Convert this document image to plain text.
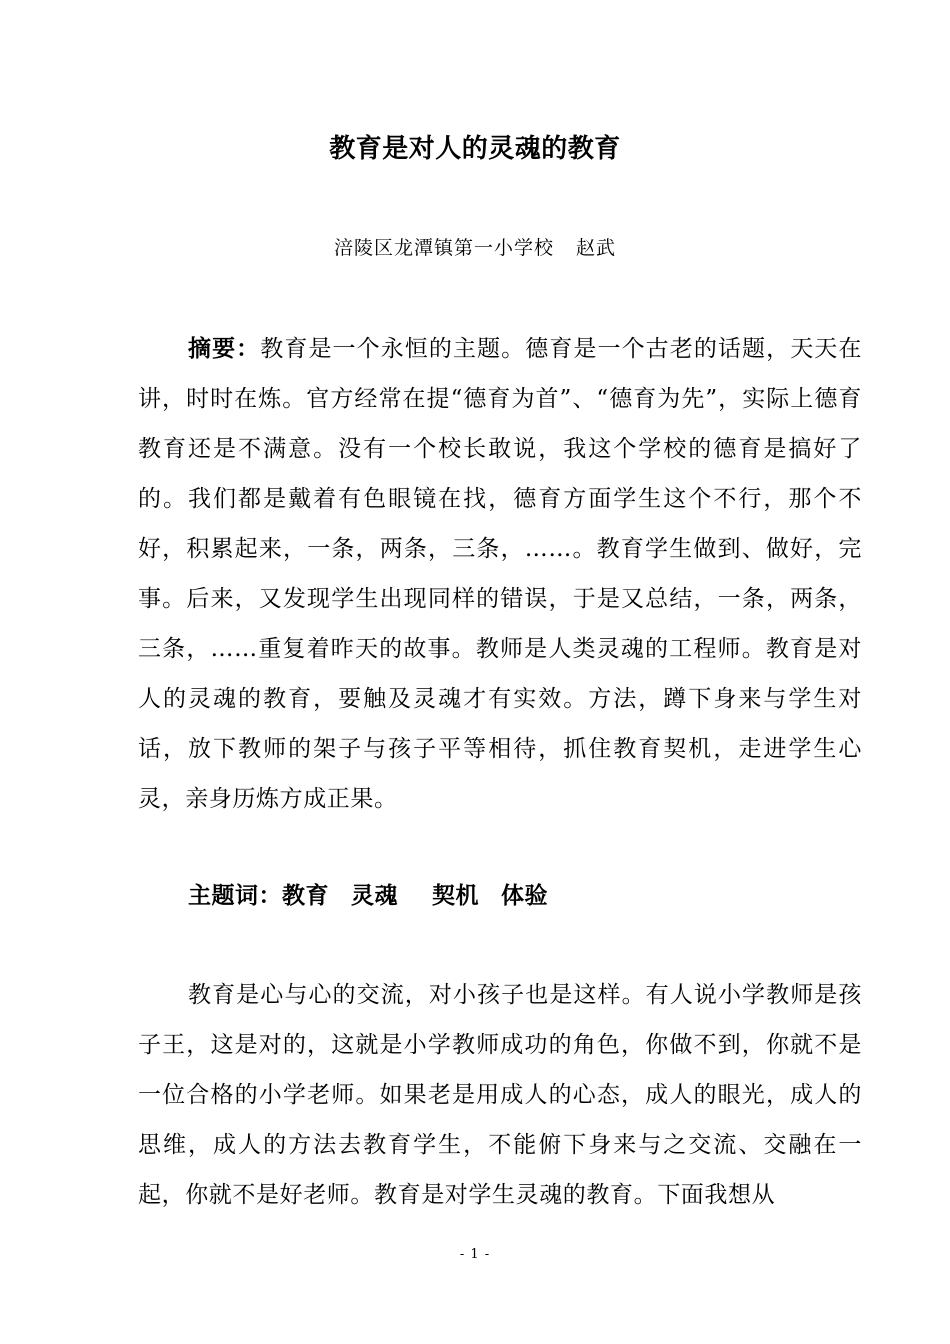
教育是对人的灵魂的教育
涪陵区龙潭镇第一小学校 赵武
摘要：教育是一个永恒的主题。德育是一个古老的话题，天天在讲，时时在炼。官方经常在提“德育为首”、“德育为先”，实际上德育教育还是不满意。没有一个校长敢说，我这个学校的德育是搞好了的。我们都是戴着有色眼镜在找，德育方面学生这个不行，那个不好，积累起来，一条，两条，三条，……。教育学生做到、做好，完事。后来，又发现学生出现同样的错误，于是又总结，一条，两条，三条，……重复着昨天的故事。教师是人类灵魂的工程师。教育是对人的灵魂的教育，要触及灵魂才有实效。方法，蹲下身来与学生对话，放下教师的架子与孩子平等相待，抓住教育契机，走进学生心灵，亲身历炼方成正果。
主题词：教育 灵魂 契机 体验
教育是心与心的交流，对小孩子也是这样。有人说小学教师是孩子王，这是对的，这就是小学教师成功的角色，你做不到，你就不是一位合格的小学老师。如果老是用成人的心态，成人的眼光，成人的思维，成人的方法去教育学生，不能俯下身来与之交流、交融在一起，你就不是好老师。教育是对学生灵魂的教育。下面我想从
- 1 -
